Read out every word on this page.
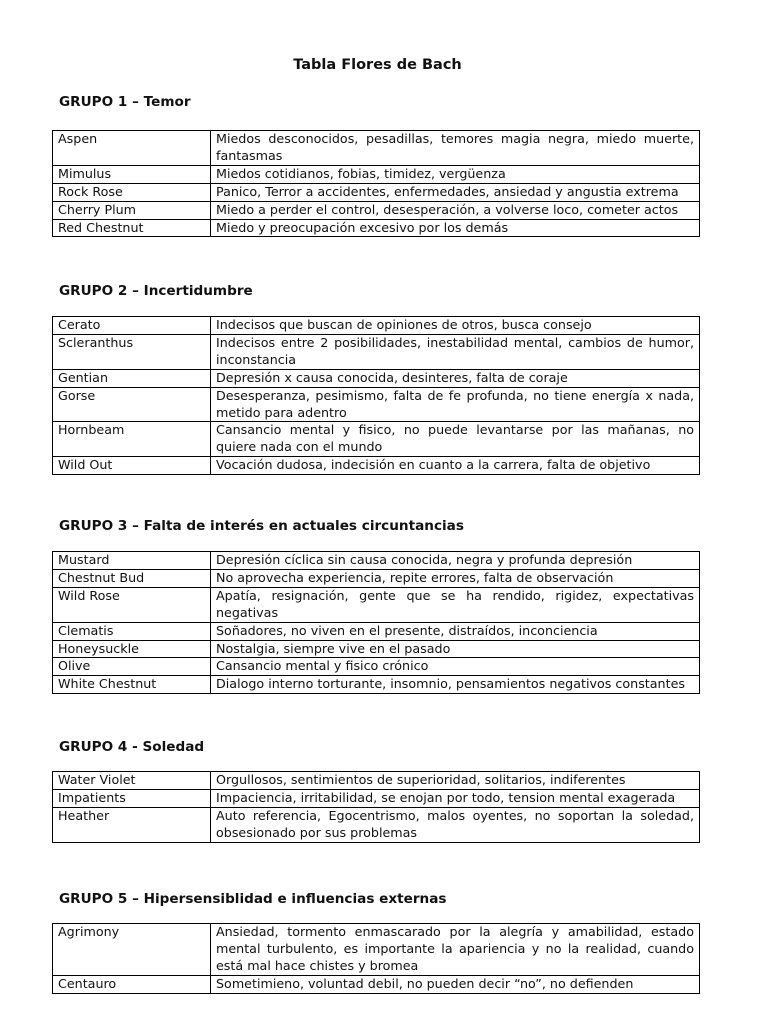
Tabla Flores de Bach
GRUPO 1 – Temor
Aspen	Miedos desconocidos, pesadillas, temores magia negra, miedo muerte, fantasmas
Mimulus	Miedos cotidianos, fobias, timidez, vergüenza
Rock Rose	Panico, Terror a accidentes, enfermedades, ansiedad y angustia extrema
Cherry Plum	Miedo a perder el control, desesperación, a volverse loco, cometer actos
Red Chestnut	Miedo y preocupación excesivo por los demás
GRUPO 2 – Incertidumbre
Cerato	Indecisos que buscan de opiniones de otros, busca consejo
Scleranthus	Indecisos entre 2 posibilidades, inestabilidad mental, cambios de humor, inconstancia
Gentian	Depresión x causa conocida, desinteres, falta de coraje
Gorse	Desesperanza, pesimismo, falta de fe profunda, no tiene energía x nada, metido para adentro
Hornbeam	Cansancio mental y fisico, no puede levantarse por las mañanas, no quiere nada con el mundo
Wild Out	Vocación dudosa, indecisión en cuanto a la carrera, falta de objetivo
GRUPO 3 – Falta de interés en actuales circuntancias
Mustard	Depresión cíclica sin causa conocida, negra y profunda depresión
Chestnut Bud	No aprovecha experiencia, repite errores, falta de observación
Wild Rose	Apatía, resignación, gente que se ha rendido, rigidez, expectativas negativas
Clematis	Soñadores, no viven en el presente, distraídos, inconciencia
Honeysuckle	Nostalgia, siempre vive en el pasado
Olive	Cansancio mental y fisico crónico
White Chestnut	Dialogo interno torturante, insomnio, pensamientos negativos constantes
GRUPO 4 - Soledad
Water Violet	Orgullosos, sentimientos de superioridad, solitarios, indiferentes
Impatients	Impaciencia, irritabilidad, se enojan por todo, tension mental exagerada
Heather	Auto referencia, Egocentrismo, malos oyentes, no soportan la soledad, obsesionado por sus problemas
GRUPO 5 – Hipersensiblidad e influencias externas
Agrimony	Ansiedad, tormento enmascarado por la alegría y amabilidad, estado mental turbulento, es importante la apariencia y no la realidad, cuando está mal hace chistes y bromea
Centauro	Sometimieno, voluntad debil, no pueden decir “no”, no defienden
